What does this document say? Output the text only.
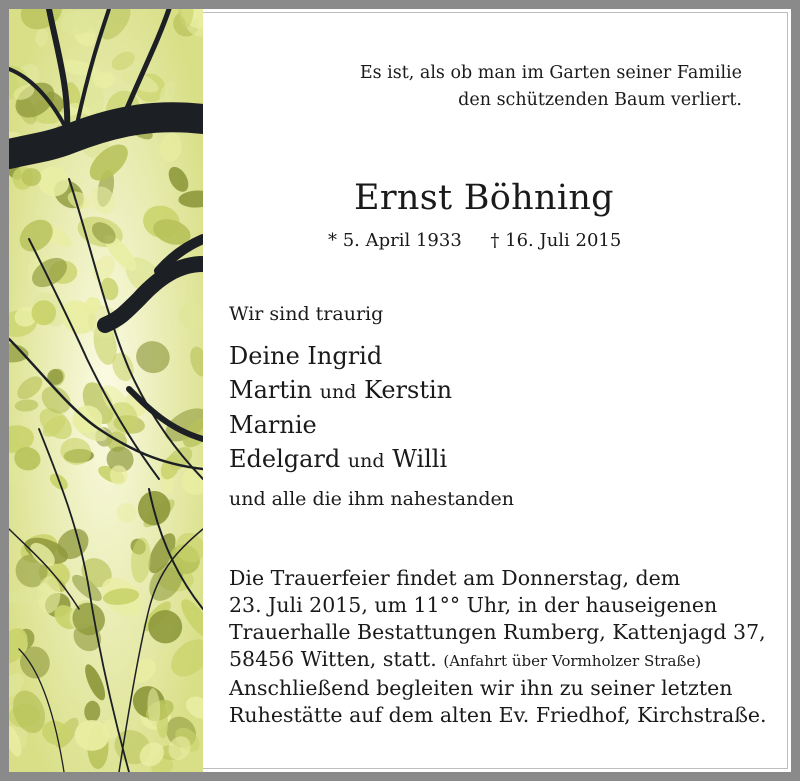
Es ist, als ob man im Garten seiner Familie
den schützenden Baum verliert.
Ernst Böhning
* 5. April 1933 † 16. Juli 2015
Wir sind traurig
Deine Ingrid
Martin und Kerstin
Marnie
Edelgard und Willi
und alle die ihm nahestanden
Die Trauerfeier findet am Donnerstag, dem
23. Juli 2015, um 11°° Uhr, in der hauseigenen
Trauerhalle Bestattungen Rumberg, Kattenjagd 37,
58456 Witten, statt. (Anfahrt über Vormholzer Straße)
Anschließend begleiten wir ihn zu seiner letzten
Ruhestätte auf dem alten Ev. Friedhof, Kirchstraße.
